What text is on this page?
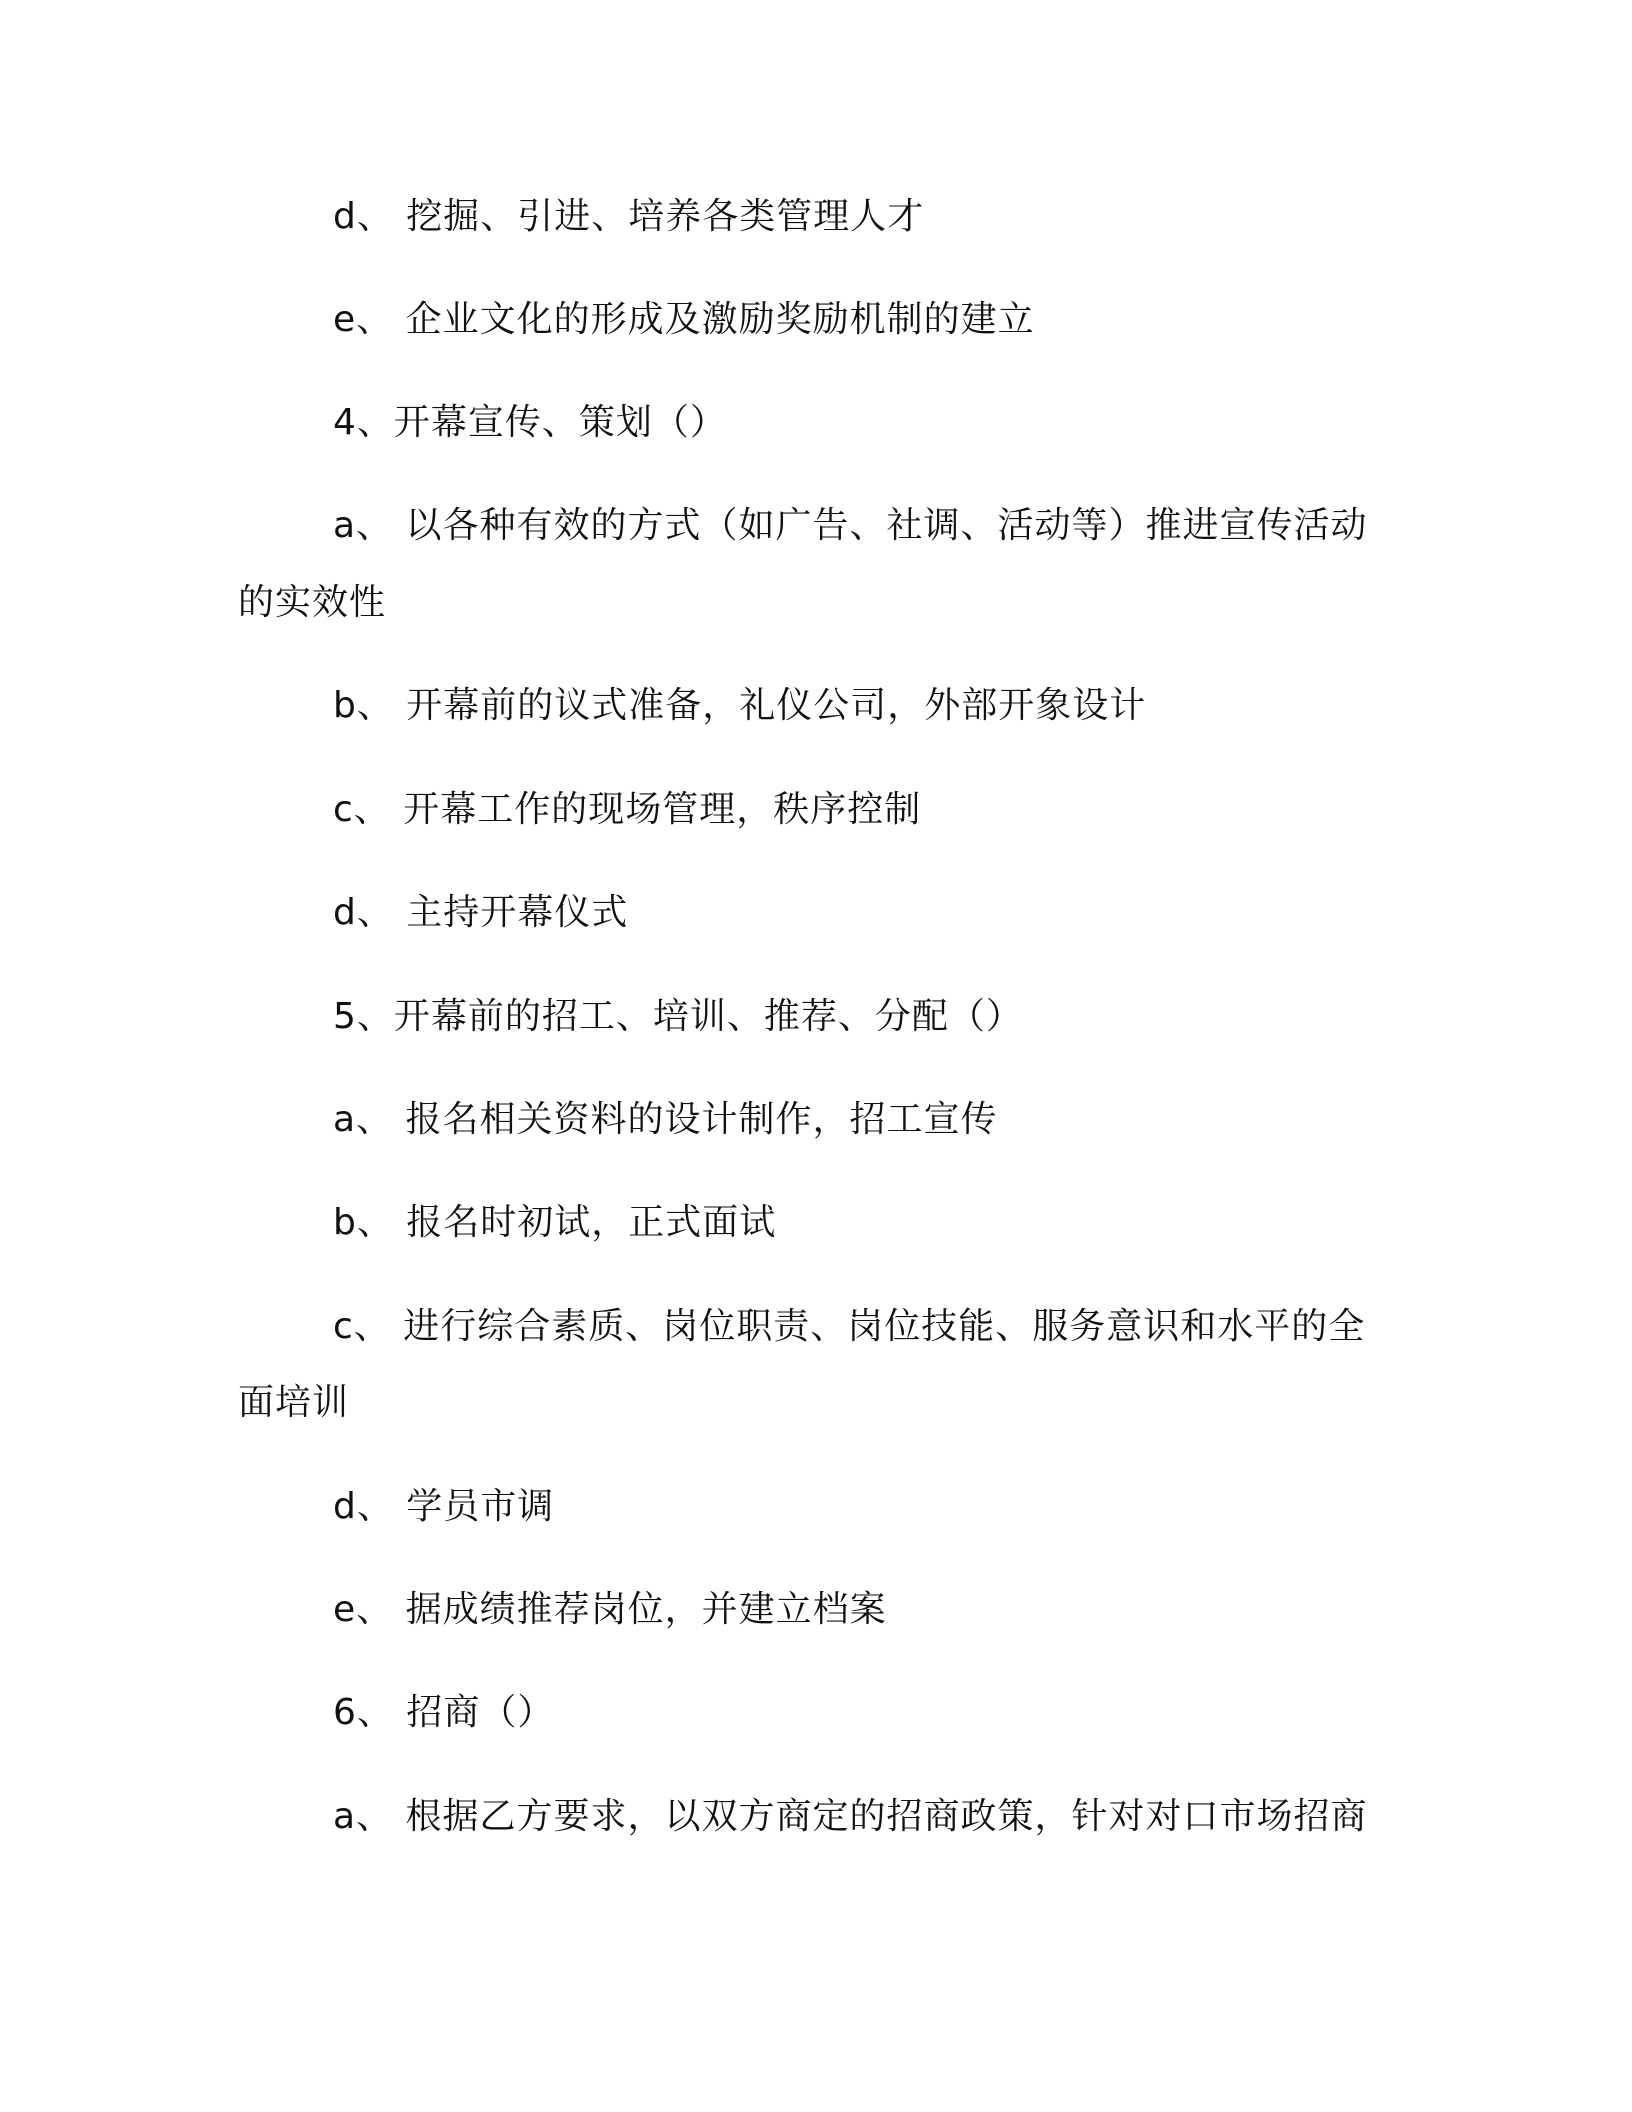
d、 挖掘、引进、培养各类管理人才
e、 企业文化的形成及激励奖励机制的建立
4、开幕宣传、策划（）
a、 以各种有效的方式（如广告、社调、活动等）推进宣传活动
的实效性
b、 开幕前的议式准备，礼仪公司，外部开象设计
c、 开幕工作的现场管理，秩序控制
d、 主持开幕仪式
5、开幕前的招工、培训、推荐、分配（）
a、 报名相关资料的设计制作，招工宣传
b、 报名时初试，正式面试
c、 进行综合素质、岗位职责、岗位技能、服务意识和水平的全
面培训
d、 学员市调
e、 据成绩推荐岗位，并建立档案
6、 招商（）
a、 根据乙方要求，以双方商定的招商政策，针对对口市场招商
